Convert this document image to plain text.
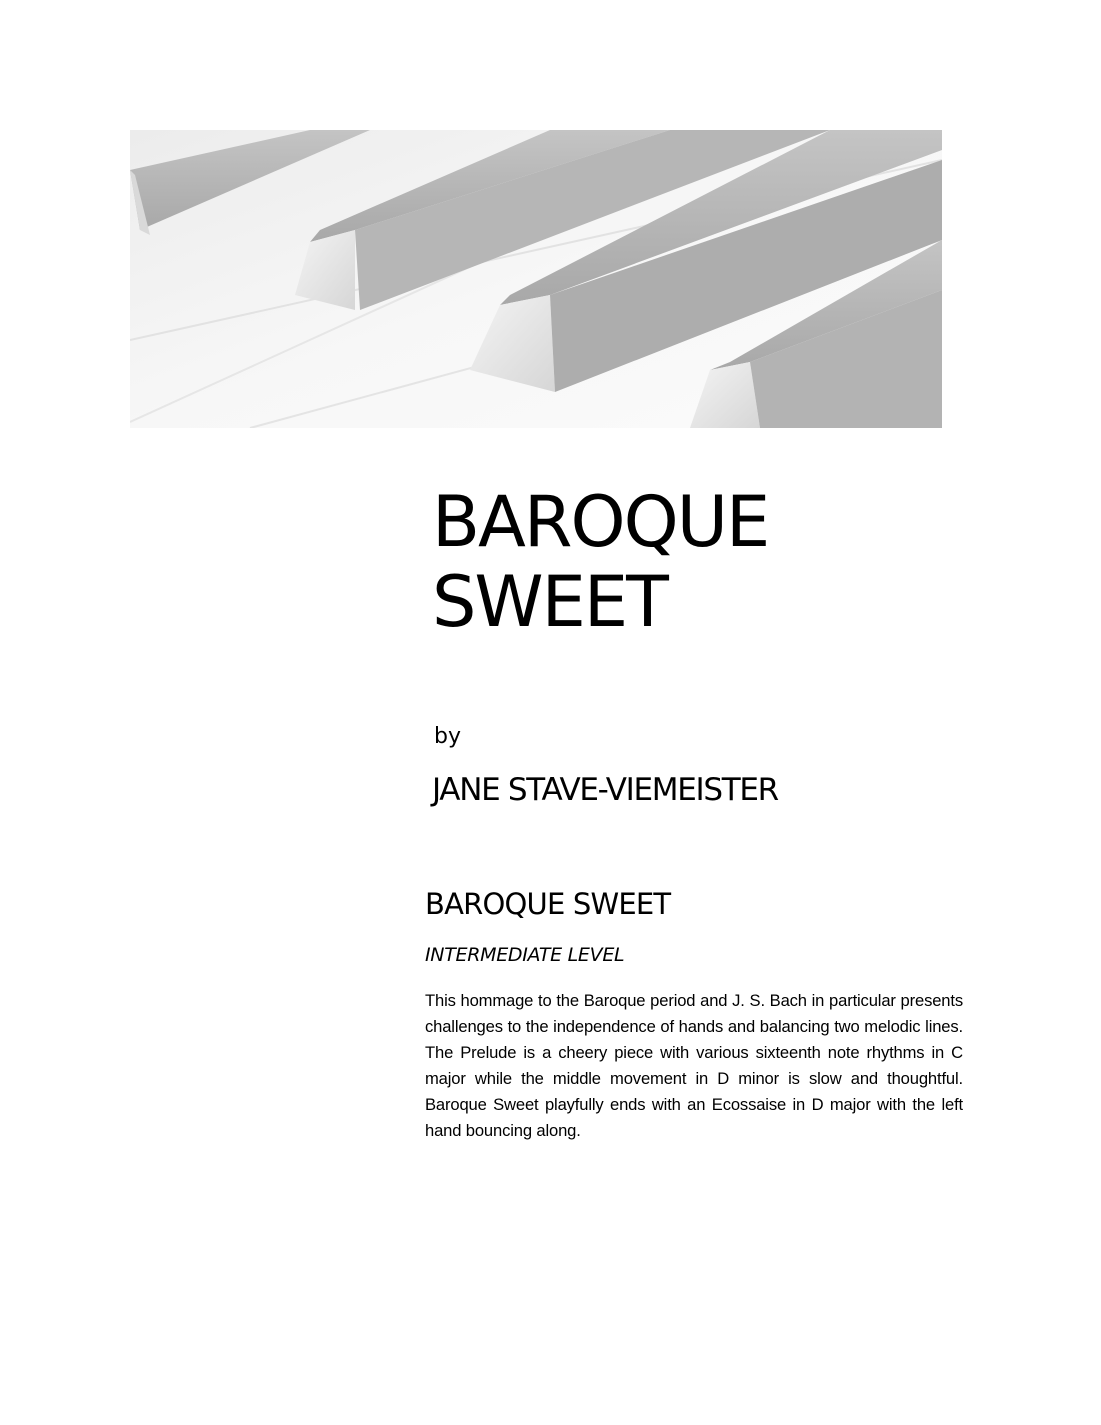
BAROQUE
SWEET
by
JANE STAVE-VIEMEISTER
BAROQUE SWEET

INTERMEDIATE LEVEL

This hommage to the Baroque period and J. S. Bach in particular presents challenges to the independence of hands and balancing two melodic lines. The Prelude is a cheery piece with various sixteenth note rhythms in C major while the middle movement in D minor is slow and thoughtful. Baroque Sweet playfully ends with an Ecossaise in D major with the left hand bouncing along.
